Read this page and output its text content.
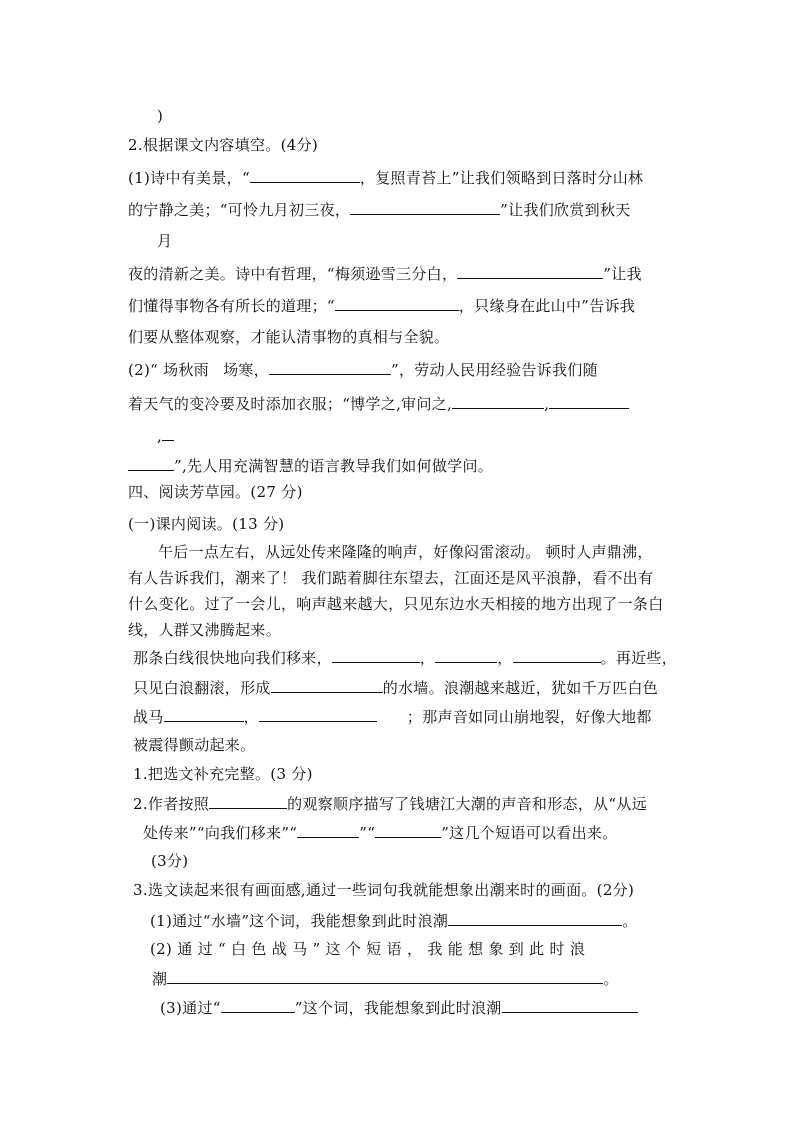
)
2.根据课文内容填空。(4分)
(1)诗中有美景，“	，复照青苔上”让我们领略到日落时分山林
的宁静之美；“可怜九月初三夜，	”让我们欣赏到秋天
月
夜的清新之美。诗中有哲理，“梅须逊雪三分白，	”让我
们懂得事物各有所长的道理；“	，只缘身在此山中”告诉我
们要从整体观察，才能认清事物的真相与全貌。
(2)“ 场秋雨 场寒，	”，劳动人民用经验告诉我们随
着天气的变冷要及时添加衣服；“博学之,审问之,	,
,
”,先人用充满智慧的语言教导我们如何做学问。
四、阅读芳草园。(27 分)
(一)课内阅读。(13 分)
午后一点左右，从远处传来隆隆的响声，好像闷雷滚动。 顿时人声鼎沸，
有人告诉我们，潮来了！ 我们踮着脚往东望去，江面还是风平浪静，看不出有
什么变化。过了一会儿，响声越来越大，只见东边水天相接的地方出现了一条白
线，人群又沸腾起来。
那条白线很快地向我们移来，	，	，	。再近些，
只见白浪翻滚，形成	的水墙。浪潮越来越近，犹如千万匹白色
战马	，	；那声音如同山崩地裂，好像大地都
被震得颤动起来。
1.把选文补充完整。(3 分)
2.作者按照	的观察顺序描写了钱塘江大潮的声音和形态，从“从远
处传来”“向我们移来”“	”“	”这几个短语可以看出来。
(3分)
3.选文读起来很有画面感,通过一些词句我就能想象出潮来时的画面。(2分)
(1)通过“水墙”这个词，我能想象到此时浪潮	。
(2) 通 过 “ 白 色 战 马 ” 这 个 短 语 ， 我 能 想 象 到 此 时 浪
潮	。
(3)通过“	”这个词，我能想象到此时浪潮
